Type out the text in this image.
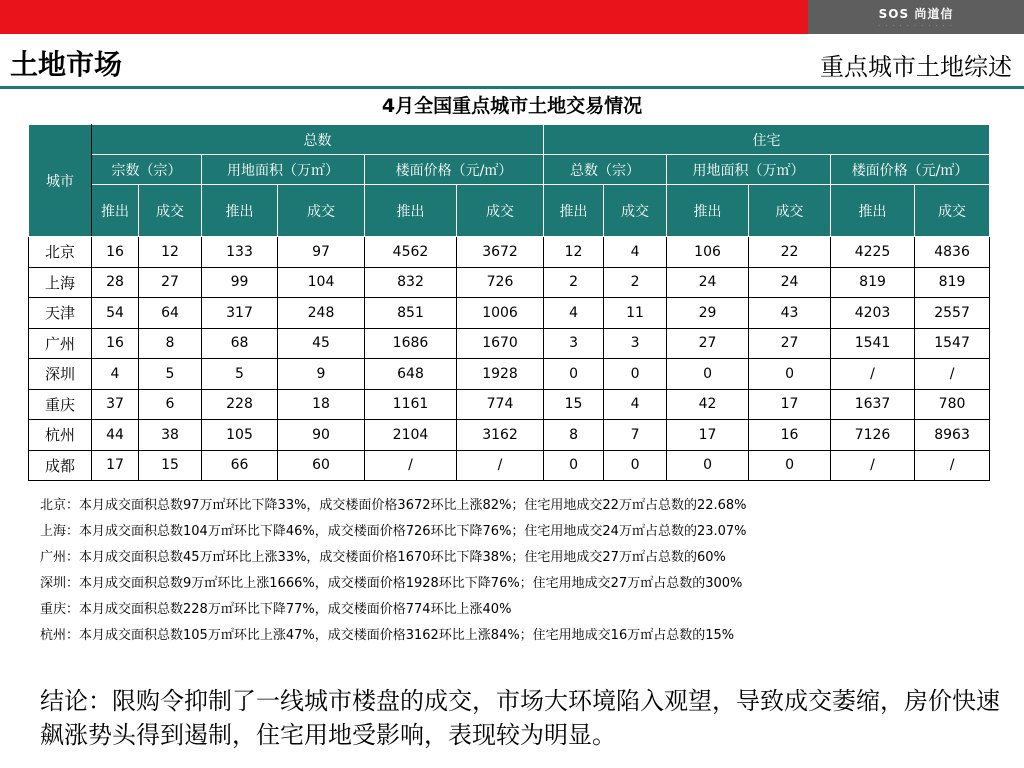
SOS 尚道信
· · · · · · · · · · ·
土地市场	重点城市土地综述
4月全国重点城市土地交易情况
城市	总数						住宅					
	宗数（宗）		用地面积（万㎡）		楼面价格（元/㎡）		总数（宗）		用地面积（万㎡）		楼面价格（元/㎡）	
	推出	成交	推出	成交	推出	成交	推出	成交	推出	成交	推出	成交
北京	16	12	133	97	4562	3672	12	4	106	22	4225	4836
上海	28	27	99	104	832	726	2	2	24	24	819	819
天津	54	64	317	248	851	1006	4	11	29	43	4203	2557
广州	16	8	68	45	1686	1670	3	3	27	27	1541	1547
深圳	4	5	5	9	648	1928	0	0	0	0	/	/
重庆	37	6	228	18	1161	774	15	4	42	17	1637	780
杭州	44	38	105	90	2104	3162	8	7	17	16	7126	8963
成都	17	15	66	60	/	/	0	0	0	0	/	/
北京：本月成交面积总数97万㎡环比下降33%，成交楼面价格3672环比上涨82%；住宅用地成交22万㎡占总数的22.68%
上海：本月成交面积总数104万㎡环比下降46%，成交楼面价格726环比下降76%；住宅用地成交24万㎡占总数的23.07%
广州：本月成交面积总数45万㎡环比上涨33%，成交楼面价格1670环比下降38%；住宅用地成交27万㎡占总数的60%
深圳：本月成交面积总数9万㎡环比上涨1666%，成交楼面价格1928环比下降76%；住宅用地成交27万㎡占总数的300%
重庆：本月成交面积总数228万㎡环比下降77%，成交楼面价格774环比上涨40%
杭州：本月成交面积总数105万㎡环比上涨47%，成交楼面价格3162环比上涨84%；住宅用地成交16万㎡占总数的15%

结论：限购令抑制了一线城市楼盘的成交，市场大环境陷入观望，导致成交萎缩，房价快速飙涨势头得到遏制，住宅用地受影响，表现较为明显。
